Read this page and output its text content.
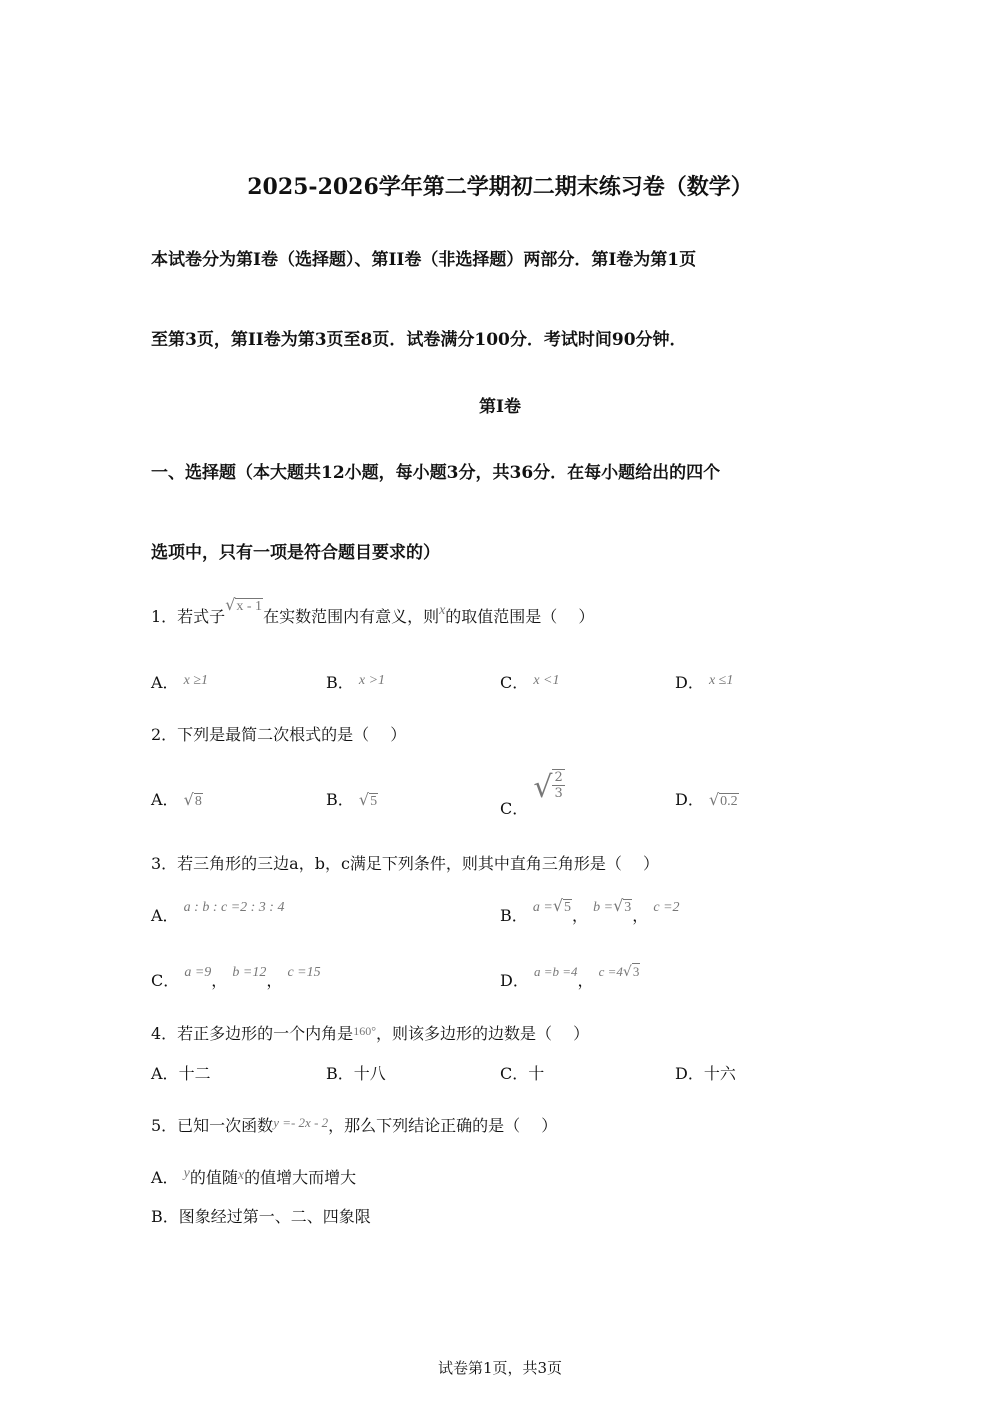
2025-2026学年第二学期初二期末练习卷（数学）
本试卷分为第I卷（选择题）、第II卷（非选择题）两部分．第I卷为第1页
至第3页，第II卷为第3页至8页．试卷满分100分．考试时间90分钟．
第I卷
一、选择题（本大题共12小题，每小题3分，共36分．在每小题给出的四个
选项中，只有一项是符合题目要求的）
1．若式子√x - 1在实数范围内有意义，则x的取值范围是（　 ）
A． x ≥1	B． x >1	C． x <1	D． x ≤1
2．下列是最简二次根式的是（　 ）
A． √8	B． √5	C． √ $\frac{2}{3}$	D． √0.2
3．若三角形的三边a，b，c满足下列条件，则其中直角三角形是（　 ）
A． a : b : c =2 : 3 : 4	B． a =√5， b =√3， c =2
C． a =9， b =12， c =15	D． $^{a =b =4}$， c =4√3
4．若正多边形的一个内角是$^{160^\circ}$，则该多边形的边数是（　 ）
A．十二	B．十八	C．十	D．十六
5．已知一次函数$^{y =- 2x - 2}$，那么下列结论正确的是（　 ）
A． y的值随x的值增大而增大
B．图象经过第一、二、四象限
试卷第1页，共3页
